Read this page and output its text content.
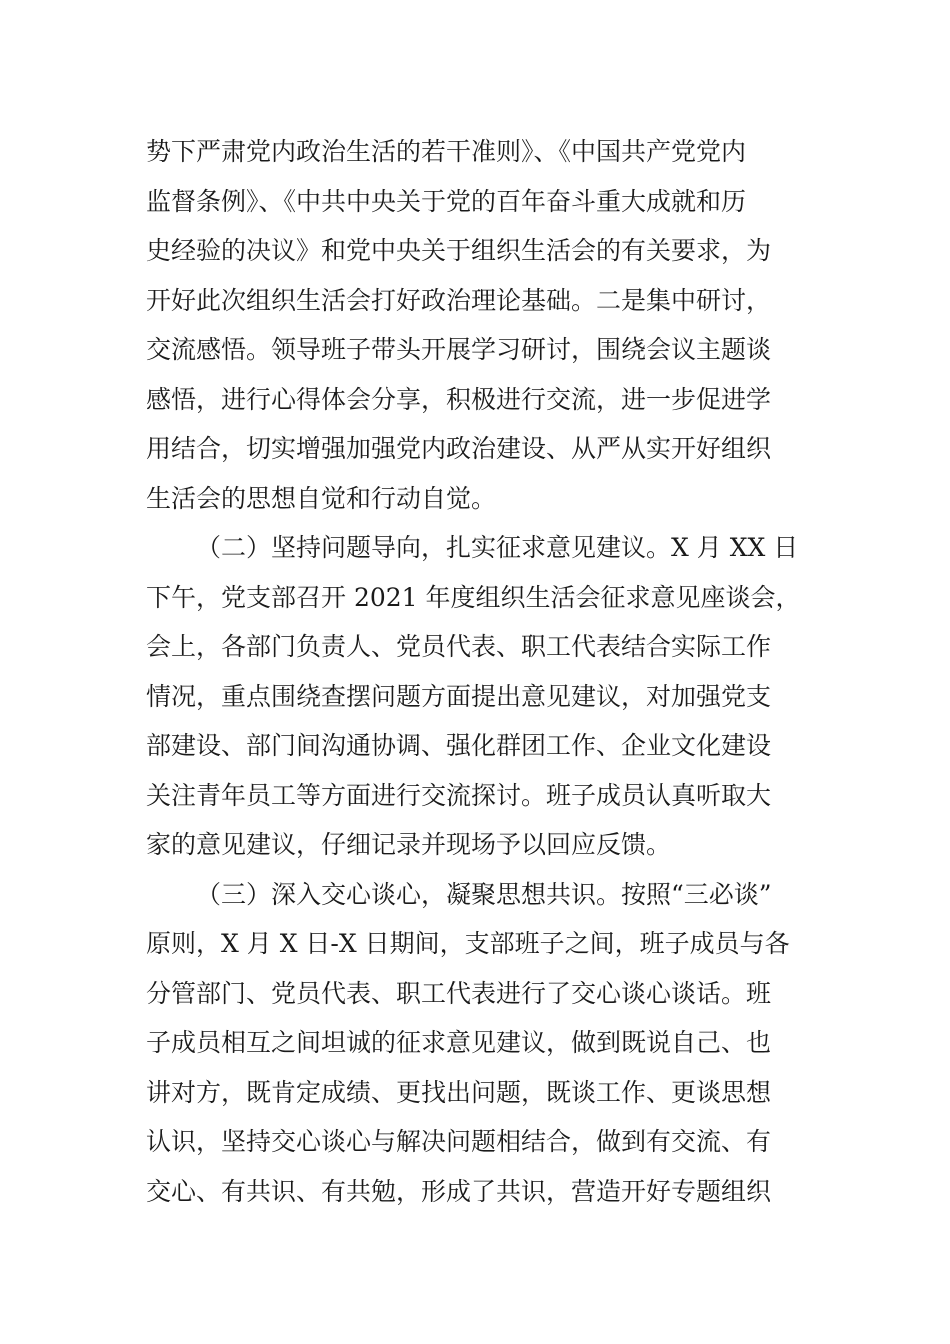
势下严肃党内政治生活的若干准则》、《中国共产党党内
监督条例》、《中共中央关于党的百年奋斗重大成就和历
史经验的决议》和党中央关于组织生活会的有关要求，为
开好此次组织生活会打好政治理论基础。二是集中研讨，
交流感悟。领导班子带头开展学习研讨，围绕会议主题谈
感悟，进行心得体会分享，积极进行交流，进一步促进学
用结合，切实增强加强党内政治建设、从严从实开好组织
生活会的思想自觉和行动自觉。
（二）坚持问题导向，扎实征求意见建议。X 月 XX 日
下午，党支部召开 2021 年度组织生活会征求意见座谈会，
会上，各部门负责人、党员代表、职工代表结合实际工作
情况，重点围绕查摆问题方面提出意见建议，对加强党支
部建设、部门间沟通协调、强化群团工作、企业文化建设
关注青年员工等方面进行交流探讨。班子成员认真听取大
家的意见建议，仔细记录并现场予以回应反馈。
（三）深入交心谈心，凝聚思想共识。按照“三必谈”
原则，X 月 X 日-X 日期间，支部班子之间，班子成员与各
分管部门、党员代表、职工代表进行了交心谈心谈话。班
子成员相互之间坦诚的征求意见建议，做到既说自己、也
讲对方，既肯定成绩、更找出问题，既谈工作、更谈思想
认识，坚持交心谈心与解决问题相结合，做到有交流、有
交心、有共识、有共勉，形成了共识，营造开好专题组织
